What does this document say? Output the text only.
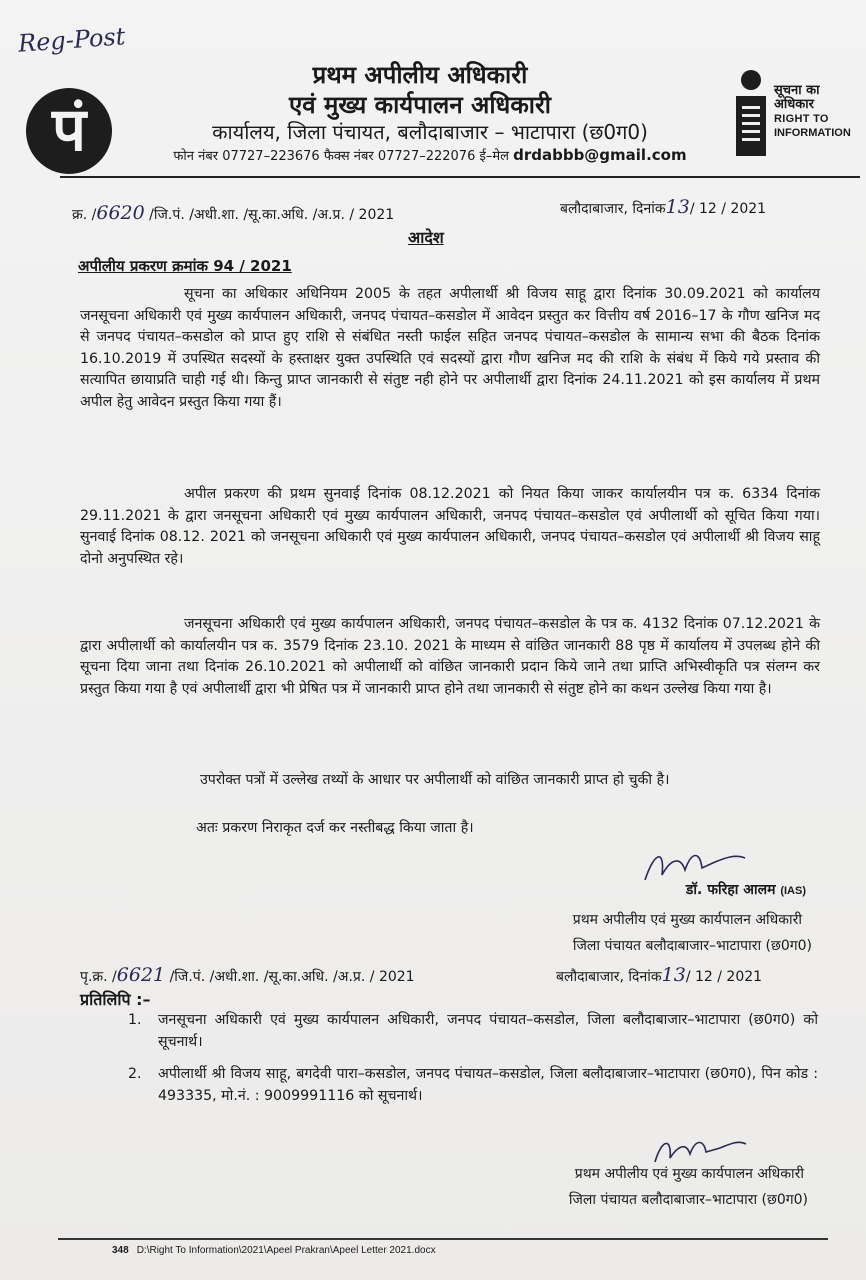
Reg-Post
पं
प्रथम अपीलीय अधिकारी
एवं मुख्य कार्यपालन अधिकारी
कार्यालय, जिला पंचायत, बलौदाबाजार – भाटापारा (छ0ग0)
फोन नंबर 07727–223676 फैक्स नंबर 07727–222076 ई–मेल drdabbb@gmail.com
सूचना का
अधिकार
RIGHT TO
INFORMATION
क्र. /6620 /जि.पं. /अधी.शा. /सू.का.अधि. /अ.प्र. / 2021	बलौदाबाजार, दिनांक13/ 12 / 2021
आदेश
अपीलीय प्रकरण क्रमांक 94 / 2021
सूचना का अधिकार अधिनियम 2005 के तहत अपीलार्थी श्री विजय साहू द्वारा दिनांक 30.09.2021 को कार्यालय जनसूचना अधिकारी एवं मुख्य कार्यपालन अधिकारी, जनपद पंचायत–कसडोल में आवेदन प्रस्तुत कर वित्तीय वर्ष 2016–17 के गौण खनिज मद से जनपद पंचायत–कसडोल को प्राप्त हुए राशि से संबंधित नस्ती फाईल सहित जनपद पंचायत–कसडोल के सामान्य सभा की बैठक दिनांक 16.10.2019 में उपस्थित सदस्यों के हस्ताक्षर युक्त उपस्थिति एवं सदस्यों द्वारा गौण खनिज मद की राशि के संबंध में किये गये प्रस्ताव की सत्यापित छायाप्रति चाही गई थी। किन्तु प्राप्त जानकारी से संतुष्ट नही होने पर अपीलार्थी द्वारा दिनांक 24.11.2021 को इस कार्यालय में प्रथम अपील हेतु आवेदन प्रस्तुत किया गया हैं।
अपील प्रकरण की प्रथम सुनवाई दिनांक 08.12.2021 को नियत किया जाकर कार्यालयीन पत्र क. 6334 दिनांक 29.11.2021 के द्वारा जनसूचना अधिकारी एवं मुख्य कार्यपालन अधिकारी, जनपद पंचायत–कसडोल एवं अपीलार्थी को सूचित किया गया। सुनवाई दिनांक 08.12. 2021 को जनसूचना अधिकारी एवं मुख्य कार्यपालन अधिकारी, जनपद पंचायत–कसडोल एवं अपीलार्थी श्री विजय साहू दोनो अनुपस्थित रहे।
जनसूचना अधिकारी एवं मुख्य कार्यपालन अधिकारी, जनपद पंचायत–कसडोल के पत्र क. 4132 दिनांक 07.12.2021 के द्वारा अपीलार्थी को कार्यालयीन पत्र क. 3579 दिनांक 23.10. 2021 के माध्यम से वांछित जानकारी 88 पृष्ठ में कार्यालय में उपलब्ध होने की सूचना दिया जाना तथा दिनांक 26.10.2021 को अपीलार्थी को वांछित जानकारी प्रदान किये जाने तथा प्राप्ति अभिस्वीकृति पत्र संलग्न कर प्रस्तुत किया गया है एवं अपीलार्थी द्वारा भी प्रेषित पत्र में जानकारी प्राप्त होने तथा जानकारी से संतुष्ट होने का कथन उल्लेख किया गया है।
उपरोक्त पत्रों में उल्लेख तथ्यों के आधार पर अपीलार्थी को वांछित जानकारी प्राप्त हो चुकी है।
अतः प्रकरण निराकृत दर्ज कर नस्तीबद्ध किया जाता है।
डॉ. फरिहा आलम (IAS)
प्रथम अपीलीय एवं मुख्य कार्यपालन अधिकारी
जिला पंचायत बलौदाबाजार–भाटापारा (छ0ग0)
पृ.क्र. /6621 /जि.पं. /अधी.शा. /सू.का.अधि. /अ.प्र. / 2021	बलौदाबाजार, दिनांक13/ 12 / 2021
प्रतिलिपि :–
1. जनसूचना अधिकारी एवं मुख्य कार्यपालन अधिकारी, जनपद पंचायत–कसडोल, जिला बलौदाबाजार–भाटापारा (छ0ग0) को सूचनार्थ।
2. अपीलार्थी श्री विजय साहू, बगदेवी पारा–कसडोल, जनपद पंचायत–कसडोल, जिला बलौदाबाजार–भाटापारा (छ0ग0), पिन कोड : 493335, मो.नं. : 9009991116 को सूचनार्थ।
प्रथम अपीलीय एवं मुख्य कार्यपालन अधिकारी
जिला पंचायत बलौदाबाजार–भाटापारा (छ0ग0)
348 D:\Right To Information\2021\Apeel Prakran\Apeel Letter 2021.docx
